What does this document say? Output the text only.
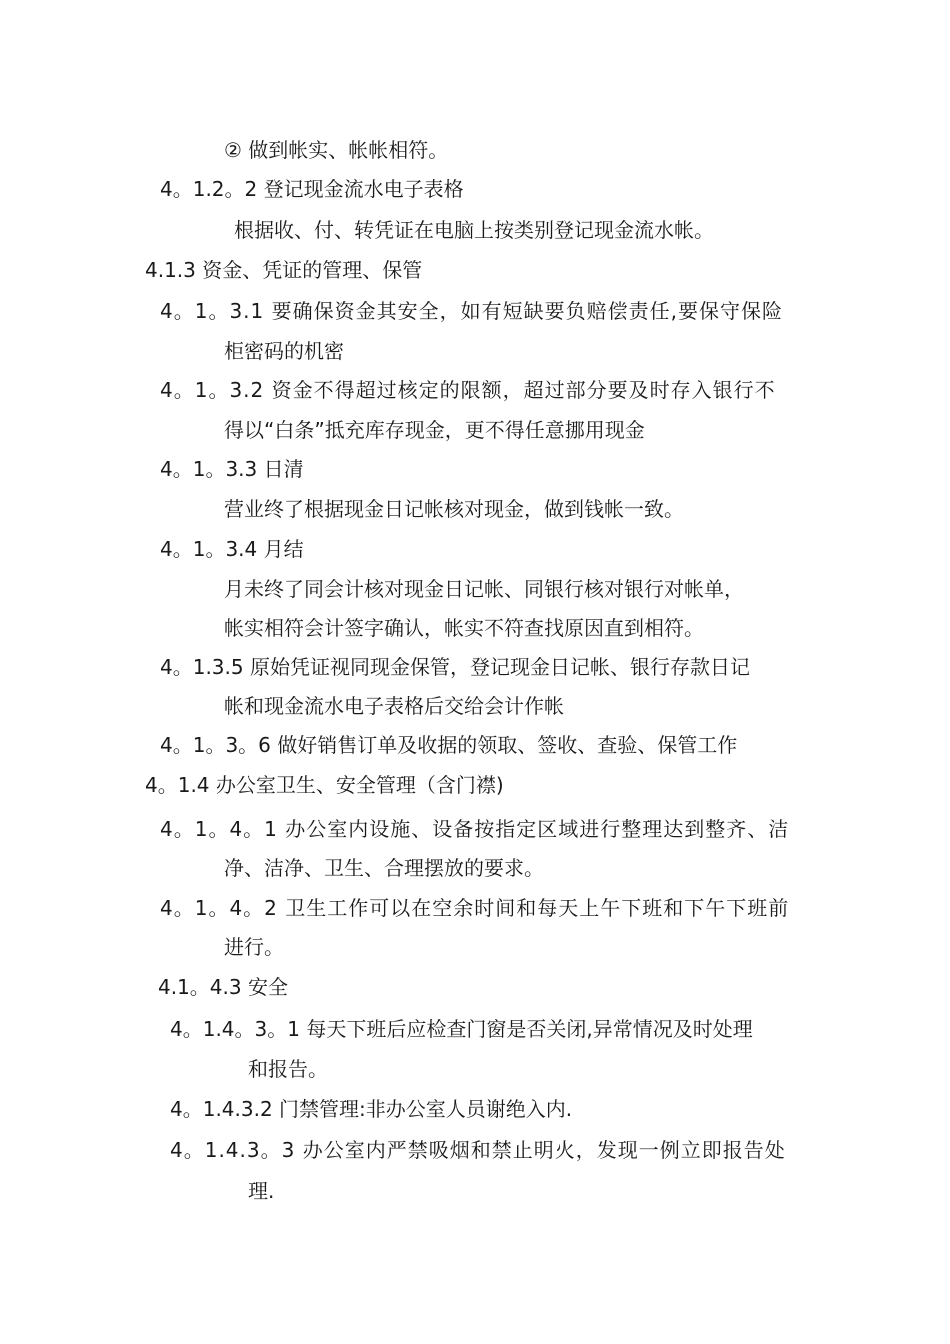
② 做到帐实、帐帐相符。
4。1.2。2 登记现金流水电子表格
根据收、付、转凭证在电脑上按类别登记现金流水帐。
4.1.3 资金、凭证的管理、保管
4。1。3.1 要确保资金其安全，如有短缺要负赔偿责任,要保守保险
柜密码的机密
4。1。3.2 资金不得超过核定的限额，超过部分要及时存入银行不
得以“白条”抵充库存现金，更不得任意挪用现金
4。1。3.3 日清
营业终了根据现金日记帐核对现金，做到钱帐一致。
4。1。3.4 月结
月未终了同会计核对现金日记帐、同银行核对银行对帐单，
帐实相符会计签字确认，帐实不符查找原因直到相符。
4。1.3.5 原始凭证视同现金保管，登记现金日记帐、银行存款日记
帐和现金流水电子表格后交给会计作帐
4。1。3。6 做好销售订单及收据的领取、签收、查验、保管工作
4。1.4 办公室卫生、安全管理（含门襟)
4。1。4。1 办公室内设施、设备按指定区域进行整理达到整齐、洁
净、洁净、卫生、合理摆放的要求。
4。1。4。2 卫生工作可以在空余时间和每天上午下班和下午下班前
进行。
4.1。4.3 安全
4。1.4。3。1 每天下班后应检查门窗是否关闭,异常情况及时处理
和报告。
4。1.4.3.2 门禁管理:非办公室人员谢绝入内.
4。1.4.3。3 办公室内严禁吸烟和禁止明火，发现一例立即报告处
理.
